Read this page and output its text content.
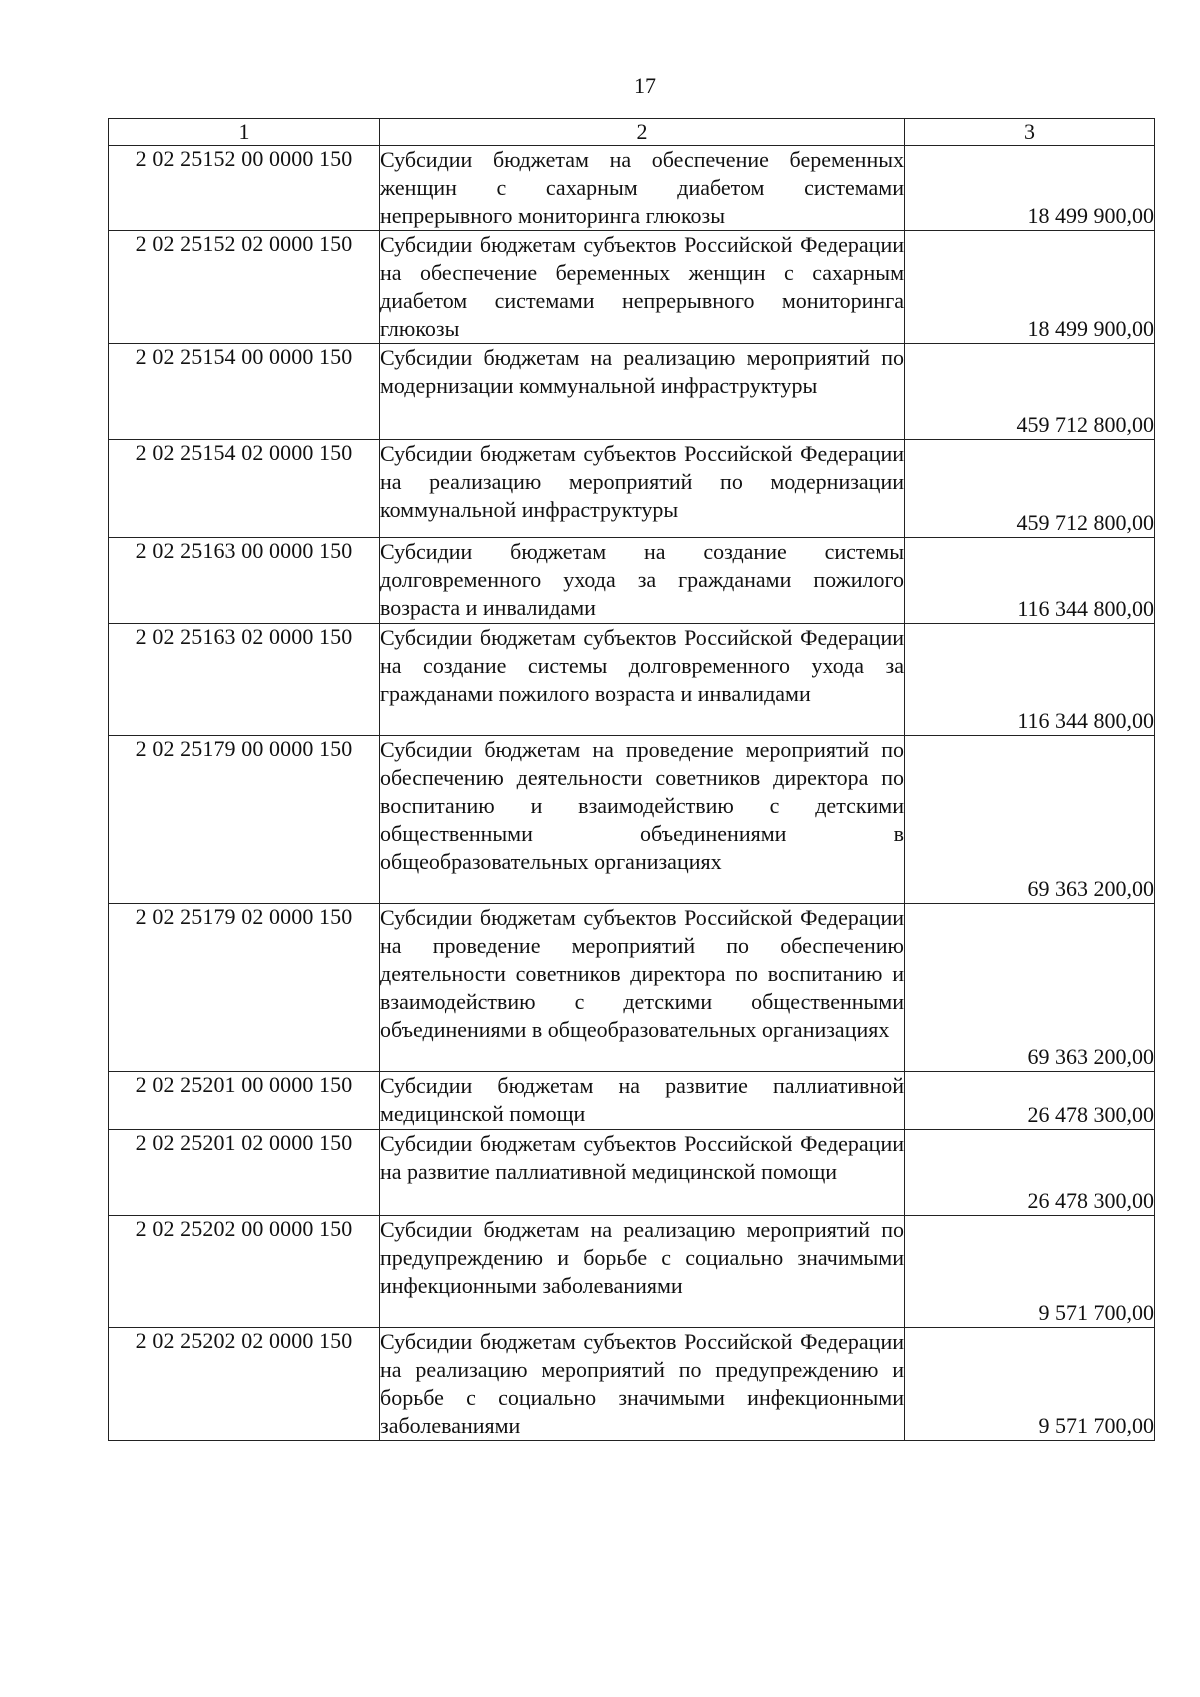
17
1	2	3
2 02 25152 00 0000 150	Субсидии бюджетам на обеспечение беременных женщин с сахарным диабетом системами непрерывного мониторинга глюкозы	18 499 900,00
2 02 25152 02 0000 150	Субсидии бюджетам субъектов Российской Федерации на обеспечение беременных женщин с сахарным диабетом системами непрерывного мониторинга глюкозы	18 499 900,00
2 02 25154 00 0000 150	Субсидии бюджетам на реализацию мероприятий по модернизации коммунальной инфраструктуры	459 712 800,00
2 02 25154 02 0000 150	Субсидии бюджетам субъектов Российской Федерации на реализацию мероприятий по модернизации коммунальной инфраструктуры	459 712 800,00
2 02 25163 00 0000 150	Субсидии бюджетам на создание системы долговременного ухода за гражданами пожилого возраста и инвалидами	116 344 800,00
2 02 25163 02 0000 150	Субсидии бюджетам субъектов Российской Федерации на создание системы долговременного ухода за гражданами пожилого возраста и инвалидами	116 344 800,00
2 02 25179 00 0000 150	Субсидии бюджетам на проведение мероприятий по обеспечению деятельности советников директора по воспитанию и взаимодействию с детскими общественными объединениями в общеобразовательных организациях	69 363 200,00
2 02 25179 02 0000 150	Субсидии бюджетам субъектов Российской Федерации на проведение мероприятий по обеспечению деятельности советников директора по воспитанию и взаимодействию с детскими общественными объединениями в общеобразовательных организациях	69 363 200,00
2 02 25201 00 0000 150	Субсидии бюджетам на развитие паллиативной медицинской помощи	26 478 300,00
2 02 25201 02 0000 150	Субсидии бюджетам субъектов Российской Федерации на развитие паллиативной медицинской помощи	26 478 300,00
2 02 25202 00 0000 150	Субсидии бюджетам на реализацию мероприятий по предупреждению и борьбе с социально значимыми инфекционными заболеваниями	9 571 700,00
2 02 25202 02 0000 150	Субсидии бюджетам субъектов Российской Федерации на реализацию мероприятий по предупреждению и борьбе с социально значимыми инфекционными заболеваниями	9 571 700,00
